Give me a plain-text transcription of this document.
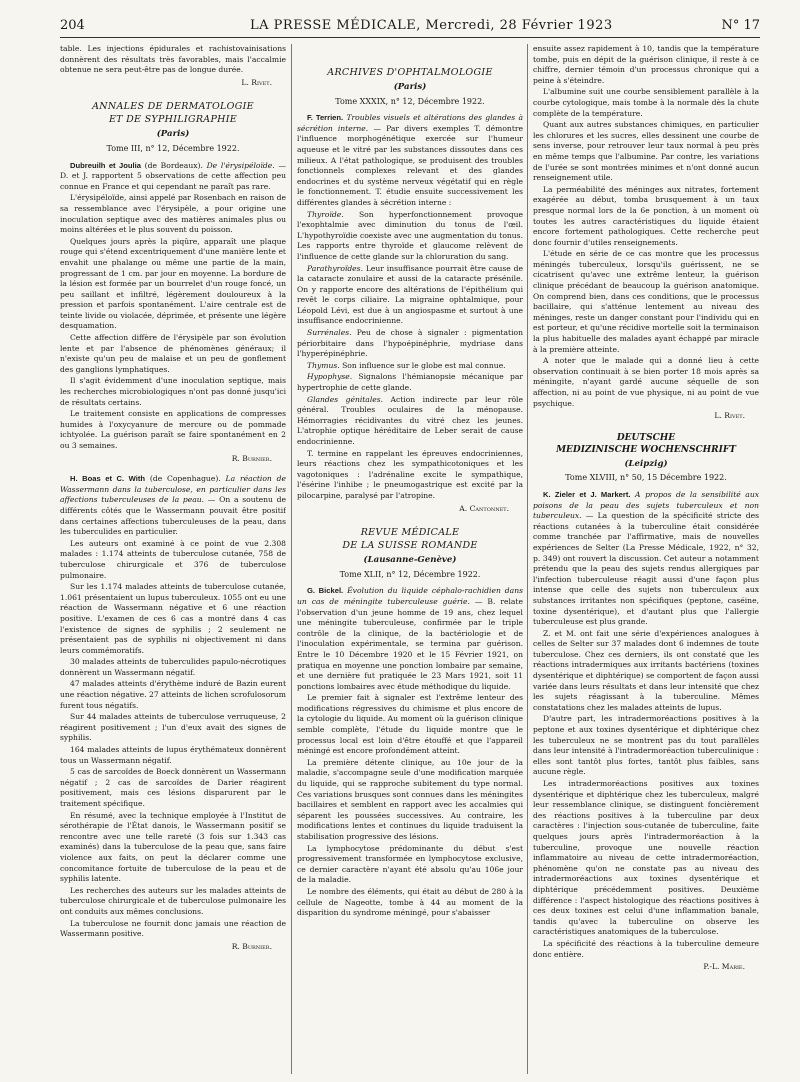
204	LA PRESSE MÉDICALE, Mercredi, 28 Février 1923	N° 17

table. Les injections épidurales et rachistovainisations donnèrent des résultats très favorables, mais l'accalmie obtenue ne sera peut-être pas de longue durée.

L. Rivet.
ANNALES DE DERMATOLOGIE
ET DE SYPHILIGRAPHIE
(Paris)
Tome III, n° 12, Décembre 1922.

Dubreuilh et Joulia (de Bordeaux). De l'érysipéloïde. — D. et J. rapportent 5 observations de cette affection peu connue en France et qui cependant ne paraît pas rare.

L'érysipéloïde, ainsi appelé par Rosenbach en raison de sa ressemblance avec l'érysipèle, a pour origine une inoculation septique avec des matières animales plus ou moins altérées et le plus souvent du poisson.

Quelques jours après la piqûre, apparaît une plaque rouge qui s'étend excentriquement d'une manière lente et envahit une phalange ou même une partie de la main, progressant de 1 cm. par jour en moyenne. La bordure de la lésion est formée par un bourrelet d'un rouge foncé, un peu saillant et infiltré, légèrement douloureux à la pression et parfois spontanément. L'aire centrale est de teinte livide ou violacée, déprimée, et présente une légère desquamation.

Cette affection diffère de l'érysipèle par son évolution lente et par l'absence de phénomènes généraux; il n'existe qu'un peu de malaise et un peu de gonflement des ganglions lymphatiques.

Il s'agit évidemment d'une inoculation septique, mais les recherches microbiologiques n'ont pas donné jusqu'ici de résultats certains.

Le traitement consiste en applications de compresses humides à l'oxycyanure de mercure ou de pommade ichtyolée. La guérison paraît se faire spontanément en 2 ou 3 semaines.

R. Burnier.

H. Boas et C. With (de Copenhague). La réaction de Wassermann dans la tuberculose, en particulier dans les affections tuberculeuses de la peau. — On a soutenu de différents côtés que le Wassermann pouvait être positif dans certaines affections tuberculeuses de la peau, dans les tuberculides en particulier.

Les auteurs ont examiné à ce point de vue 2.308 malades : 1.174 atteints de tuberculose cutanée, 758 de tuberculose chirurgicale et 376 de tuberculose pulmonaire.

Sur les 1.174 malades atteints de tuberculose cutanée, 1.061 présentaient un lupus tuberculeux. 1055 ont eu une réaction de Wassermann négative et 6 une réaction positive. L'examen de ces 6 cas a montré dans 4 cas l'existence de signes de syphilis ; 2 seulement ne présentaient pas de syphilis ni objectivement ni dans leurs commémoratifs.

30 malades atteints de tuberculides papulo-nécrotiques donnèrent un Wassermann négatif.

47 malades atteints d'érythème induré de Bazin eurent une réaction négative. 27 atteints de lichen scrofulosorum furent tous négatifs.

Sur 44 malades atteints de tuberculose verruqueuse, 2 réagirent positivement ; l'un d'eux avait des signes de syphilis.

164 malades atteints de lupus érythémateux donnèrent tous un Wassermann négatif.

5 cas de sarcoïdes de Boeck donnèrent un Wassermann négatif ; 2 cas de sarcoïdes de Darier réagirent positivement, mais ces lésions disparurent par le traitement spécifique.

En résumé, avec la technique employée à l'Institut de sérothérapie de l'État danois, le Wassermann positif se rencontre avec une telle rareté (3 fois sur 1.343 cas examinés) dans la tuberculose de la peau que, sans faire violence aux faits, on peut la déclarer comme une concomitance fortuite de tuberculose de la peau et de syphilis latente.

Les recherches des auteurs sur les malades atteints de tuberculose chirurgicale et de tuberculose pulmonaire les ont conduits aux mêmes conclusions.

La tuberculose ne fournit donc jamais une réaction de Wassermann positive.

R. Burnier.
ARCHIVES D'OPHTALMOLOGIE
(Paris)
Tome XXXIX, n° 12, Décembre 1922.

F. Terrien. Troubles visuels et altérations des glandes à sécrétion interne. — Par divers exemples T. démontre l'influence morphogénétique exercée sur l'humeur aqueuse et le vitré par les substances dissoutes dans ces milieux. A l'état pathologique, se produisent des troubles fonctionnels complexes relevant et des glandes endocrines et du système nerveux végétatif qui en règle le fonctionnement. T. étudie ensuite successivement les différentes glandes à sécrétion interne :

Thyroïde. Son hyperfonctionnement provoque l'exophtalmie avec diminution du tonus de l'œil. L'hypothyroïdie coexiste avec une augmentation du tonus. Les rapports entre thyroïde et glaucome relèvent de l'influence de cette glande sur la chloruration du sang.

Parathyroïdes. Leur insuffisance pourrait être cause de la cataracte zonulaire et aussi de la cataracte présénile. On y rapporte encore des altérations de l'épithélium qui revêt le corps ciliaire. La migraine ophtalmique, pour Léopold Lévi, est due à un angiospasme et surtout à une insuffisance endocrinienne.

Surrénales. Peu de chose à signaler : pigmentation périorbitaire dans l'hypoépinéphrie, mydriase dans l'hyperépinéphrie.

Thymus. Son influence sur le globe est mal connue.

Hypophyse. Signalons l'hémianopsie mécanique par hypertrophie de cette glande.

Glandes génitales. Action indirecte par leur rôle général. Troubles oculaires de la ménopause. Hémorragies récidivantes du vitré chez les jeunes. L'atrophie optique héréditaire de Leber serait de cause endocrinienne.

T. termine en rappelant les épreuves endocriniennes, leurs réactions chez les sympathicotoniques et les vagotoniques : l'adrénaline excite le sympathique, l'ésérine l'inhibe ; le pneumogastrique est excité par la pilocarpine, paralysé par l'atropine.

A. Cantonnet.
REVUE MÉDICALE
DE LA SUISSE ROMANDE
(Lausanne-Genève)
Tome XLII, n° 12, Décembre 1922.

G. Bickel. Évolution du liquide céphalo-rachidien dans un cas de méningite tuberculeuse guérie. — B. relate l'observation d'un jeune homme de 19 ans, chez lequel une méningite tuberculeuse, confirmée par le triple contrôle de la clinique, de la bactériologie et de l'inoculation expérimentale, se termina par guérison. Entre le 10 Décembre 1920 et le 15 Février 1921, on pratiqua en moyenne une ponction lombaire par semaine, et une dernière fut pratiquée le 23 Mars 1921, soit 11 ponctions lombaires avec étude méthodique du liquide.

Le premier fait à signaler est l'extrême lenteur des modifications régressives du chimisme et plus encore de la cytologie du liquide. Au moment où la guérison clinique semble complète, l'étude du liquide montre que le processus local est loin d'être étouffé et que l'appareil méningé est encore profondément atteint.

La première détente clinique, au 10e jour de la maladie, s'accompagne seule d'une modification marquée du liquide, qui se rapproche subitement du type normal. Ces variations brusques sont connues dans les méningites bacillaires et semblent en rapport avec les accalmies qui séparent les poussées successives. Au contraire, les modifications lentes et continues du liquide traduisent la stabilisation progressive des lésions.

La lymphocytose prédominante du début s'est progressivement transformée en lymphocytose exclusive, ce dernier caractère n'ayant été absolu qu'au 106e jour de la maladie.

Le nombre des éléments, qui était au début de 280 à la cellule de Nageotte, tombe à 44 au moment de la disparition du syndrome méningé, pour s'abaisser

ensuite assez rapidement à 10, tandis que la température tombe, puis en dépit de la guérison clinique, il reste à ce chiffre, dernier témoin d'un processus chronique qui a peine à s'éteindre.

L'albumine suit une courbe sensiblement parallèle à la courbe cytologique, mais tombe à la normale dès la chute complète de la température.

Quant aux autres substances chimiques, en particulier les chlorures et les sucres, elles dessinent une courbe de sens inverse, pour retrouver leur taux normal à peu près en même temps que l'albumine. Par contre, les variations de l'urée se sont montrées minimes et n'ont donné aucun renseignement utile.

La perméabilité des méninges aux nitrates, fortement exagérée au début, tomba brusquement à un taux presque normal lors de la 6e ponction, à un moment où toutes les autres caractéristiques du liquide étaient encore fortement pathologiques. Cette recherche peut donc fournir d'utiles renseignements.

L'étude en série de ce cas montre que les processus méningés tuberculeux, lorsqu'ils guérissent, ne se cicatrisent qu'avec une extrême lenteur, la guérison clinique précédant de beaucoup la guérison anatomique. On comprend bien, dans ces conditions, que le processus bacillaire, qui s'atténue lentement au niveau des méninges, reste un danger constant pour l'individu qui en est porteur, et qu'une récidive mortelle soit la terminaison la plus habituelle des malades ayant échappé par miracle à la première atteinte.

A noter que le malade qui a donné lieu à cette observation continuait à se bien porter 18 mois après sa méningite, n'ayant gardé aucune séquelle de son affection, ni au point de vue physique, ni au point de vue psychique.

L. Rivet.
DEUTSCHE
MEDIZINISCHE WOCHENSCHRIFT
(Leipzig)
Tome XLVIII, n° 50, 15 Décembre 1922.

K. Zieler et J. Markert. A propos de la sensibilité aux poisons de la peau des sujets tuberculeux et non tuberculeux. — La question de la spécificité stricte des réactions cutanées à la tuberculine était considérée comme tranchée par l'affirmative, mais de nouvelles expériences de Selter (La Presse Médicale, 1922, n° 32, p. 349) ont rouvert la discussion. Cet auteur a notamment prétendu que la peau des sujets rendus allergiques par l'infection tuberculeuse réagit aussi d'une façon plus intense que celle des sujets non tuberculeux aux substances irritantes non spécifiques (peptone, caséine, toxine dysentérique), et d'autant plus que l'allergie tuberculeuse est plus grande.

Z. et M. ont fait une série d'expériences analogues à celles de Selter sur 37 malades dont 6 indemnes de toute tuberculose. Chez ces derniers, ils ont constaté que les réactions intradermiques aux irritants bactériens (toxines dysentérique et diphtérique) se comportent de façon aussi variée dans leurs résultats et dans leur intensité que chez les sujets réagissant à la tuberculine. Mêmes constatations chez les malades atteints de lupus.

D'autre part, les intradermoréactions positives à la peptone et aux toxines dysentérique et diphtérique chez les tuberculeux ne se montrent pas du tout parallèles dans leur intensité à l'intradermoréaction tuberculinique : elles sont tantôt plus fortes, tantôt plus faibles, sans aucune règle.

Les intradermoréactions positives aux toxines dysentérique et diphtérique chez les tuberculeux, malgré leur ressemblance clinique, se distinguent foncièrement des réactions positives à la tuberculine par deux caractères : l'injection sous-cutanée de tuberculine, faite quelques jours après l'intradermoréaction à la tuberculine, provoque une nouvelle réaction inflammatoire au niveau de cette intradermoréaction, phénomène qu'on ne constate pas au niveau des intradermoréactions aux toxines dysentérique et diphtérique précédemment positives. Deuxième différence : l'aspect histologique des réactions positives à ces deux toxines est celui d'une inflammation banale, tandis qu'avec la tuberculine on observe les caractéristiques anatomiques de la tuberculose.

La spécificité des réactions à la tuberculine demeure donc entière.

P.-L. Marie.
